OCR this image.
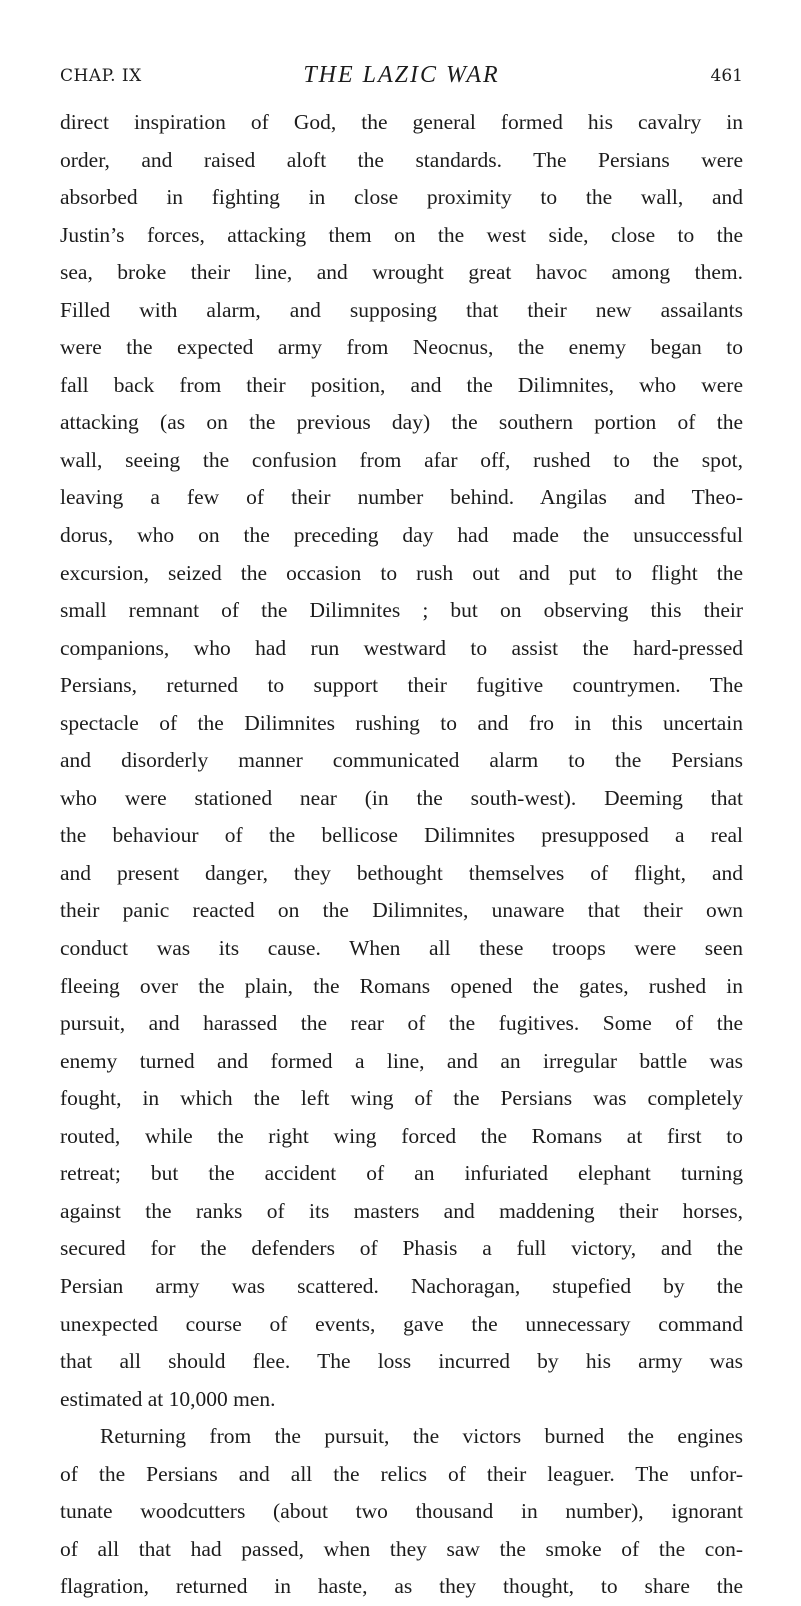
CHAP. IX	THE LAZIC WAR	461
direct inspiration of God, the general formed his cavalry in
order, and raised aloft the standards. The Persians were
absorbed in fighting in close proximity to the wall, and
Justin’s forces, attacking them on the west side, close to the
sea, broke their line, and wrought great havoc among them.
Filled with alarm, and supposing that their new assailants
were the expected army from Neocnus, the enemy began to
fall back from their position, and the Dilimnites, who were
attacking (as on the previous day) the southern portion of the
wall, seeing the confusion from afar off, rushed to the spot,
leaving a few of their number behind. Angilas and Theo-
dorus, who on the preceding day had made the unsuccessful
excursion, seized the occasion to rush out and put to flight the
small remnant of the Dilimnites ; but on observing this their
companions, who had run westward to assist the hard-pressed
Persians, returned to support their fugitive countrymen. The
spectacle of the Dilimnites rushing to and fro in this uncertain
and disorderly manner communicated alarm to the Persians
who were stationed near (in the south-west). Deeming that
the behaviour of the bellicose Dilimnites presupposed a real
and present danger, they bethought themselves of flight, and
their panic reacted on the Dilimnites, unaware that their own
conduct was its cause. When all these troops were seen
fleeing over the plain, the Romans opened the gates, rushed in
pursuit, and harassed the rear of the fugitives. Some of the
enemy turned and formed a line, and an irregular battle was
fought, in which the left wing of the Persians was completely
routed, while the right wing forced the Romans at first to
retreat; but the accident of an infuriated elephant turning
against the ranks of its masters and maddening their horses,
secured for the defenders of Phasis a full victory, and the
Persian army was scattered. Nachoragan, stupefied by the
unexpected course of events, gave the unnecessary command
that all should flee. The loss incurred by his army was
estimated at 10,000 men.
Returning from the pursuit, the victors burned the engines
of the Persians and all the relics of their leaguer. The unfor-
tunate woodcutters (about two thousand in number), ignorant
of all that had passed, when they saw the smoke of the con-
flagration, returned in haste, as they thought, to share the
